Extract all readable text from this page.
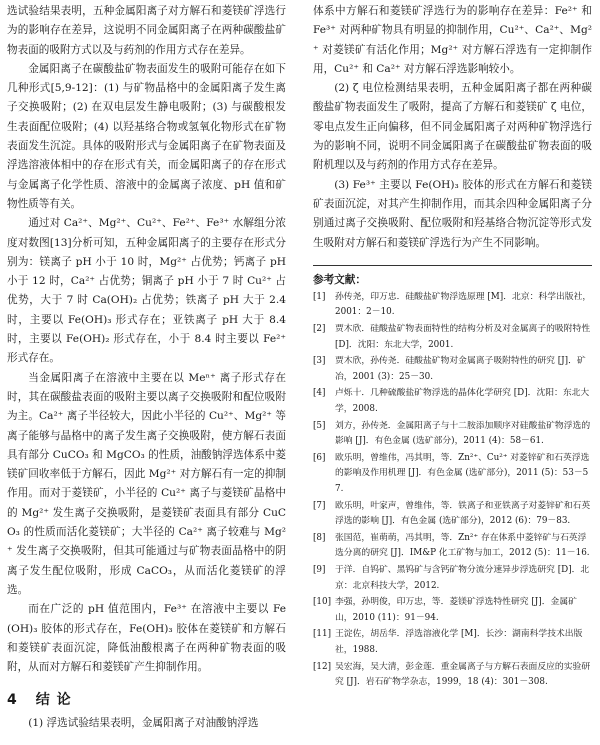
选试验结果表明，五种金属阳离子对方解石和菱镁矿浮选行为的影响存在差异，这说明不同金属阳离子在两种碳酸盐矿物表面的吸附方式以及与药剂的作用方式存在差异。

金属阳离子在碳酸盐矿物表面发生的吸附可能存在如下几种形式[5,9-12]：(1) 与矿物晶格中的金属阳离子发生离子交换吸附；(2) 在双电层发生静电吸附；(3) 与碳酸根发生表面配位吸附；(4) 以羟基络合物或氢氧化物形式在矿物表面发生沉淀。具体的吸附形式与金属阳离子在矿物表面及浮选溶液体相中的存在形式有关，而金属阳离子的存在形式与金属离子化学性质、溶液中的金属离子浓度、pH 值和矿物性质等有关。

通过对 Ca²⁺、Mg²⁺、Cu²⁺、Fe²⁺、Fe³⁺ 水解组分浓度对数图[13]分析可知，五种金属阳离子的主要存在形式分别为：镁离子 pH 小于 10 时，Mg²⁺ 占优势；钙离子 pH 小于 12 时，Ca²⁺ 占优势；铜离子 pH 小于 7 时 Cu²⁺ 占优势，大于 7 时 Ca(OH)₂ 占优势；铁离子 pH 大于 2.4 时，主要以 Fe(OH)₃ 形式存在；亚铁离子 pH 大于 8.4 时，主要以 Fe(OH)₂ 形式存在，小于 8.4 时主要以 Fe²⁺ 形式存在。

当金属阳离子在溶液中主要在以 Meⁿ⁺ 离子形式存在时，其在碳酸盐表面的吸附主要以离子交换吸附和配位吸附为主。Ca²⁺ 离子半径较大，因此小半径的 Cu²⁺、Mg²⁺ 等离子能够与晶格中的离子发生离子交换吸附，使方解石表面具有部分 CuCO₃ 和 MgCO₃ 的性质，油酸钠浮选体系中菱镁矿回收率低于方解石，因此 Mg²⁺ 对方解石有一定的抑制作用。而对于菱镁矿，小半径的 Cu²⁺ 离子与菱镁矿晶格中的 Mg²⁺ 发生离子交换吸附，是菱镁矿表面具有部分 CuCO₃ 的性质而活化菱镁矿；大半径的 Ca²⁺ 离子较难与 Mg²⁺ 发生离子交换吸附，但其可能通过与矿物表面晶格中的阴离子发生配位吸附，形成 CaCO₃，从而活化菱镁矿的浮选。

而在广泛的 pH 值范围内，Fe³⁺ 在溶液中主要以 Fe(OH)₃ 胶体的形式存在，Fe(OH)₃ 胶体在菱镁矿和方解石和菱镁矿表面沉淀，降低油酸根离子在两种矿物表面的吸附，从而对方解石和菱镁矿产生抑制作用。

4 结 论

(1) 浮选试验结果表明，金属阳离子对油酸钠浮选

体系中方解石和菱镁矿浮选行为的影响存在差异：Fe²⁺ 和 Fe³⁺ 对两种矿物具有明显的抑制作用，Cu²⁺、Ca²⁺、Mg²⁺ 对菱镁矿有活化作用；Mg²⁺ 对方解石浮选有一定抑制作用，Cu²⁺ 和 Ca²⁺ 对方解石浮选影响较小。

(2) ζ 电位检测结果表明，五种金属阳离子都在两种碳酸盐矿物表面发生了吸附，提高了方解石和菱镁矿 ζ 电位，零电点发生正向偏移，但不同金属阳离子对两种矿物浮选行为的影响不同，说明不同金属阳离子在碳酸盐矿物表面的吸附机理以及与药剂的作用方式存在差异。

(3) Fe³⁺ 主要以 Fe(OH)₃ 胶体的形式在方解石和菱镁矿表面沉淀，对其产生抑制作用，而其余四种金属阳离子分别通过离子交换吸附、配位吸附和羟基络合物沉淀等形式发生吸附对方解石和菱镁矿浮选行为产生不同影响。

参考文献：
[1] 孙传尧，印万忠．硅酸盐矿物浮选原理 [M]．北京：科学出版社，2001：2－10.
[2] 贾木欣．硅酸盐矿物表面特性的结构分析及对金属离子的吸附特性 [D]．沈阳：东北大学，2001.
[3] 贾木欣，孙传尧．硅酸盐矿物对金属离子吸附特性的研究 [J]．矿冶，2001 (3)：25－30.
[4] 卢烁十．几种硫酸盐矿物浮选的晶体化学研究 [D]．沈阳：东北大学，2008.
[5] 刘方，孙传尧．金属阳离子与十二胺添加顺序对硅酸盐矿物浮选的影响 [J]．有色金属 (选矿部分)，2011 (4)：58－61.
[6] 欧乐明，曾维伟，冯其明，等．Zn²⁺、Cu²⁺ 对菱锌矿和石英浮选的影响及作用机理 [J]．有色金属 (选矿部分)，2011 (5)：53－57.
[7] 欧乐明，叶家声，曾维伟，等．铁离子和亚铁离子对菱锌矿和石英浮选的影响 [J]．有色金属 (选矿部分)，2012 (6)：79－83.
[8] 张国范，崔萌萌，冯其明，等．Zn²⁺ 存在体系中菱锌矿与石英浮选分离的研究 [J]．IM&P 化工矿物与加工，2012 (5)：11－16.
[9] 于洋．自钨矿、黑钨矿与含钙矿物分流分速异步浮选研究 [D]．北京：北京科技大学，2012.
[10] 李强，孙明俊，印万忠，等．菱镁矿浮选特性研究 [J]．金属矿山，2010 (11)：91－94.
[11] 王淀佐，胡岳华．浮选溶液化学 [M]．长沙：湖南科学技术出版社，1988.
[12] 吴宏海，吴大清，彭金莲．重金属离子与方解石表面反应的实验研究 [J]．岩石矿物学杂志，1999，18 (4)：301－308.
